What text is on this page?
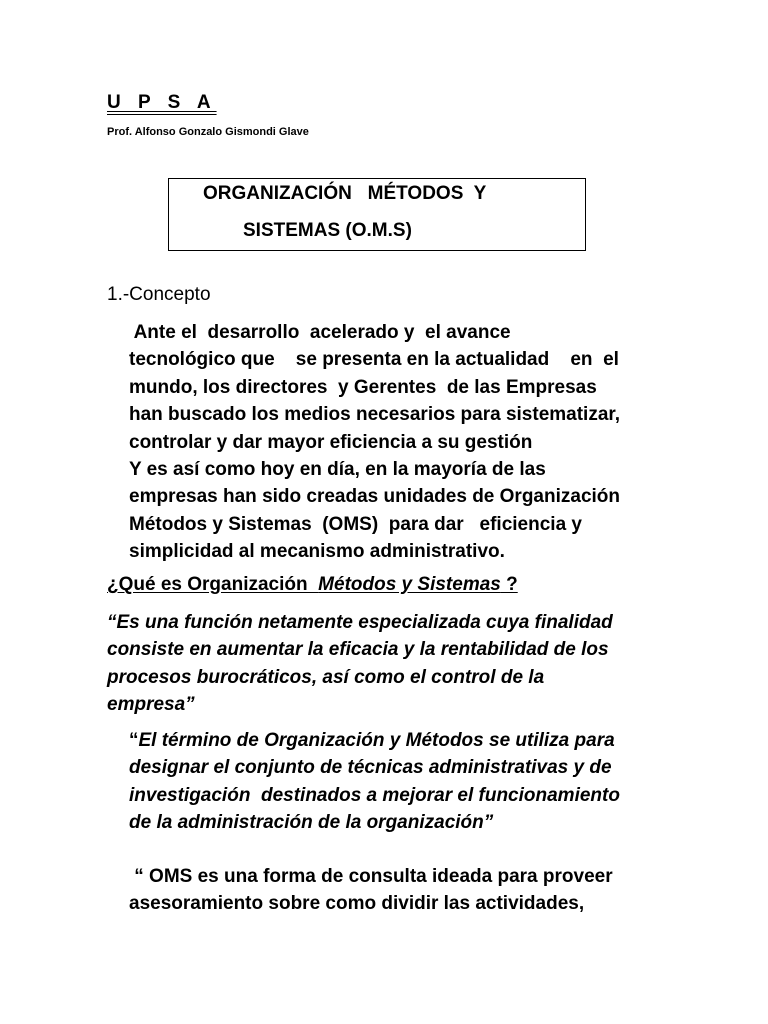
U P S A
Prof. Alfonso Gonzalo Gismondi Glave
ORGANIZACIÓN   MÉTODOS  Y
SISTEMAS (O.M.S)
1.-Concepto
Ante el  desarrollo  acelerado y  el avance
tecnológico que    se presenta en la actualidad    en  el
mundo, los directores  y Gerentes  de las Empresas
han buscado los medios necesarios para sistematizar,
controlar y dar mayor eficiencia a su gestión
Y es así como hoy en día, en la mayoría de las
empresas han sido creadas unidades de Organización
Métodos y Sistemas  (OMS)  para dar   eficiencia y
simplicidad al mecanismo administrativo.
¿Qué es Organización  Métodos y Sistemas ?
“Es una función netamente especializada cuya finalidad
consiste en aumentar la eficacia y la rentabilidad de los
procesos burocráticos, así como el control de la
empresa”
“El término de Organización y Métodos se utiliza para
designar el conjunto de técnicas administrativas y de
investigación  destinados a mejorar el funcionamiento
de la administración de la organización”
“ OMS es una forma de consulta ideada para proveer
asesoramiento sobre como dividir las actividades,
